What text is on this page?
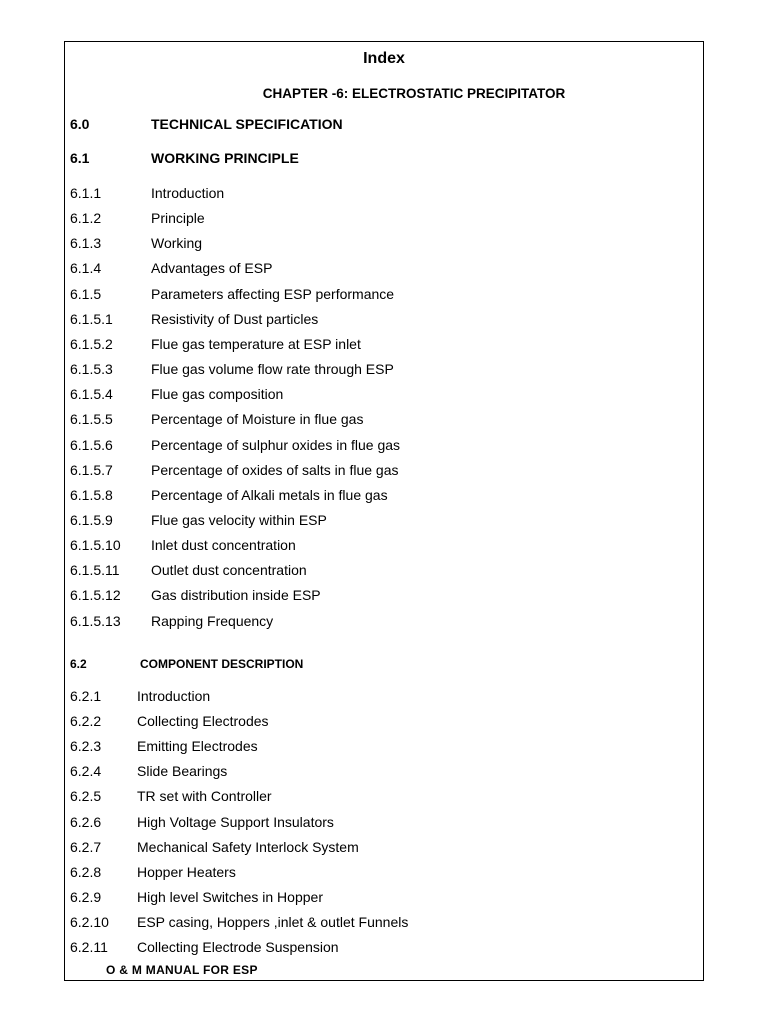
Index
CHAPTER -6: ELECTROSTATIC PRECIPITATOR
6.0	TECHNICAL SPECIFICATION
6.1	WORKING PRINCIPLE
6.1.1	Introduction
6.1.2	Principle
6.1.3	Working
6.1.4	Advantages of ESP
6.1.5	Parameters affecting ESP performance
6.1.5.1	Resistivity of Dust particles
6.1.5.2	Flue gas temperature at ESP inlet
6.1.5.3	Flue gas volume flow rate through ESP
6.1.5.4	Flue gas composition
6.1.5.5	Percentage of Moisture in flue gas
6.1.5.6	Percentage of sulphur oxides in flue gas
6.1.5.7	Percentage of oxides of salts in flue gas
6.1.5.8	Percentage of Alkali metals in flue gas
6.1.5.9	Flue gas velocity within ESP
6.1.5.10 Inlet dust concentration
6.1.5.11 Outlet dust concentration
6.1.5.12 Gas distribution inside ESP
6.1.5.13 Rapping Frequency
6.2	COMPONENT DESCRIPTION
6.2.1	Introduction
6.2.2	Collecting Electrodes
6.2.3	Emitting Electrodes
6.2.4	Slide Bearings
6.2.5	TR set with Controller
6.2.6	High Voltage Support Insulators
6.2.7	Mechanical Safety Interlock System
6.2.8	Hopper Heaters
6.2.9	High level Switches in Hopper
6.2.10 ESP casing, Hoppers ,inlet & outlet Funnels
6.2.11 Collecting Electrode Suspension
O & M MANUAL FOR ESP
